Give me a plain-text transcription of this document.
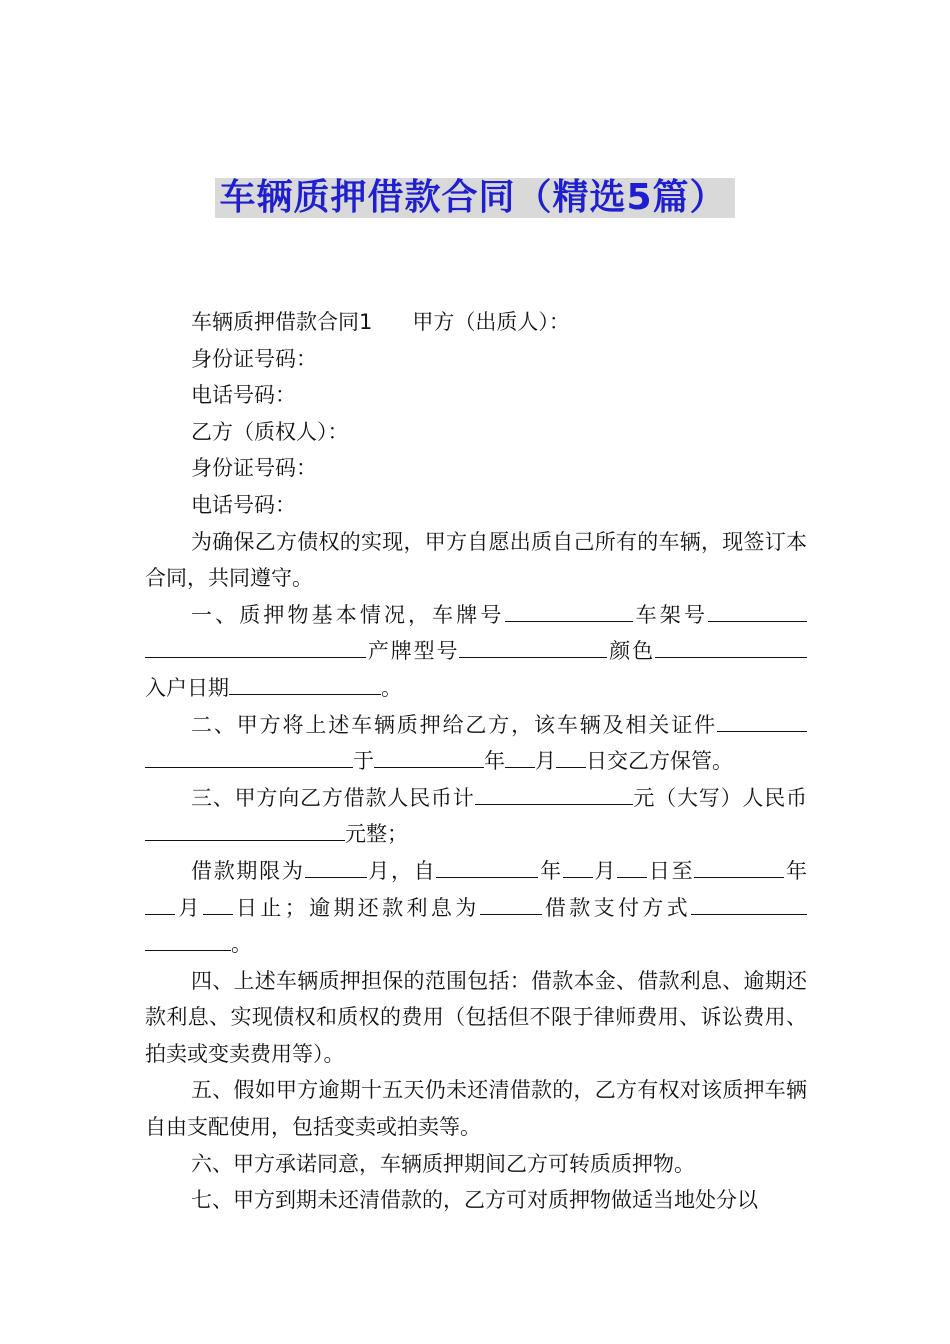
车辆质押借款合同（精选5篇）

车辆质押借款合同1 甲方（出质人）：

身份证号码：

电话号码：

乙方（质权人）：

身份证号码：

电话号码：

为确保乙方债权的实现，甲方自愿出质自己所有的车辆，现签订本合同，共同遵守。

一、质押物基本情况，车牌号	车架号产牌型号	颜色入户日期	。

二、甲方将上述车辆质押给乙方，该车辆及相关证件于	年 月 日交乙方保管。

三、甲方向乙方借款人民币计	元（大写）人民币元整；

借款期限为	月，自	年 月 日至	年月 日止；逾期还款利息为	借款支付方式。

四、上述车辆质押担保的范围包括：借款本金、借款利息、逾期还款利息、实现债权和质权的费用（包括但不限于律师费用、诉讼费用、拍卖或变卖费用等）。

五、假如甲方逾期十五天仍未还清借款的，乙方有权对该质押车辆自由支配使用，包括变卖或拍卖等。

六、甲方承诺同意，车辆质押期间乙方可转质质押物。

七、甲方到期未还清借款的，乙方可对质押物做适当地处分以
